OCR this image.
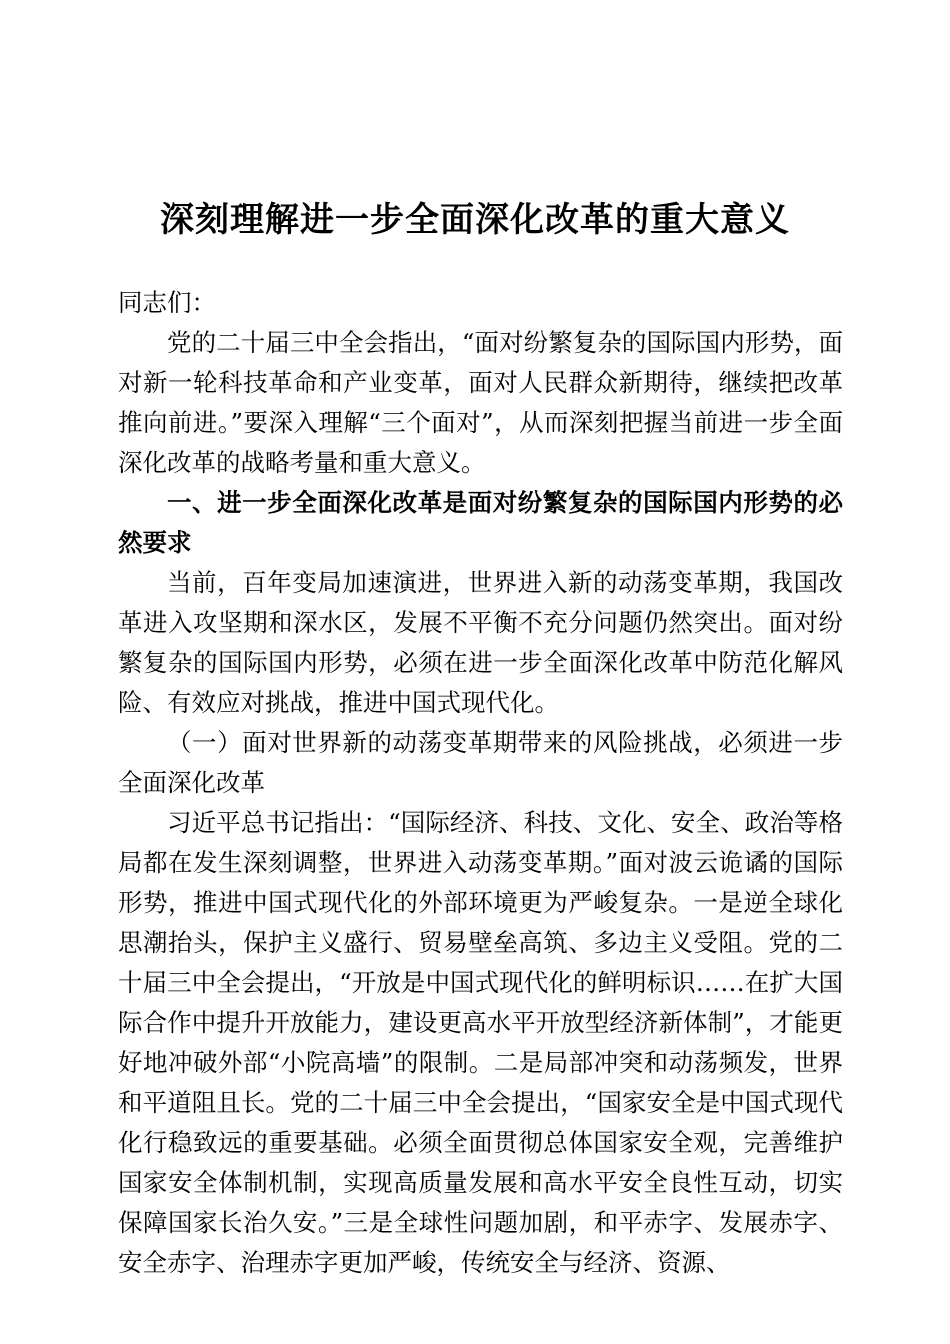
深刻理解进一步全面深化改革的重大意义

同志们：

党的二十届三中全会指出，“面对纷繁复杂的国际国内形势，面对新一轮科技革命和产业变革，面对人民群众新期待，继续把改革推向前进。”要深入理解“三个面对”，从而深刻把握当前进一步全面深化改革的战略考量和重大意义。

一、进一步全面深化改革是面对纷繁复杂的国际国内形势的必然要求

当前，百年变局加速演进，世界进入新的动荡变革期，我国改革进入攻坚期和深水区，发展不平衡不充分问题仍然突出。面对纷繁复杂的国际国内形势，必须在进一步全面深化改革中防范化解风险、有效应对挑战，推进中国式现代化。

（一）面对世界新的动荡变革期带来的风险挑战，必须进一步全面深化改革

习近平总书记指出：“国际经济、科技、文化、安全、政治等格局都在发生深刻调整，世界进入动荡变革期。”面对波云诡谲的国际形势，推进中国式现代化的外部环境更为严峻复杂。一是逆全球化思潮抬头，保护主义盛行、贸易壁垒高筑、多边主义受阻。党的二十届三中全会提出，“开放是中国式现代化的鲜明标识……在扩大国际合作中提升开放能力，建设更高水平开放型经济新体制”，才能更好地冲破外部“小院高墙”的限制。二是局部冲突和动荡频发，世界和平道阻且长。党的二十届三中全会提出，“国家安全是中国式现代化行稳致远的重要基础。必须全面贯彻总体国家安全观，完善维护国家安全体制机制，实现高质量发展和高水平安全良性互动，切实保障国家长治久安。”三是全球性问题加剧，和平赤字、发展赤字、安全赤字、治理赤字更加严峻，传统安全与经济、资源、
